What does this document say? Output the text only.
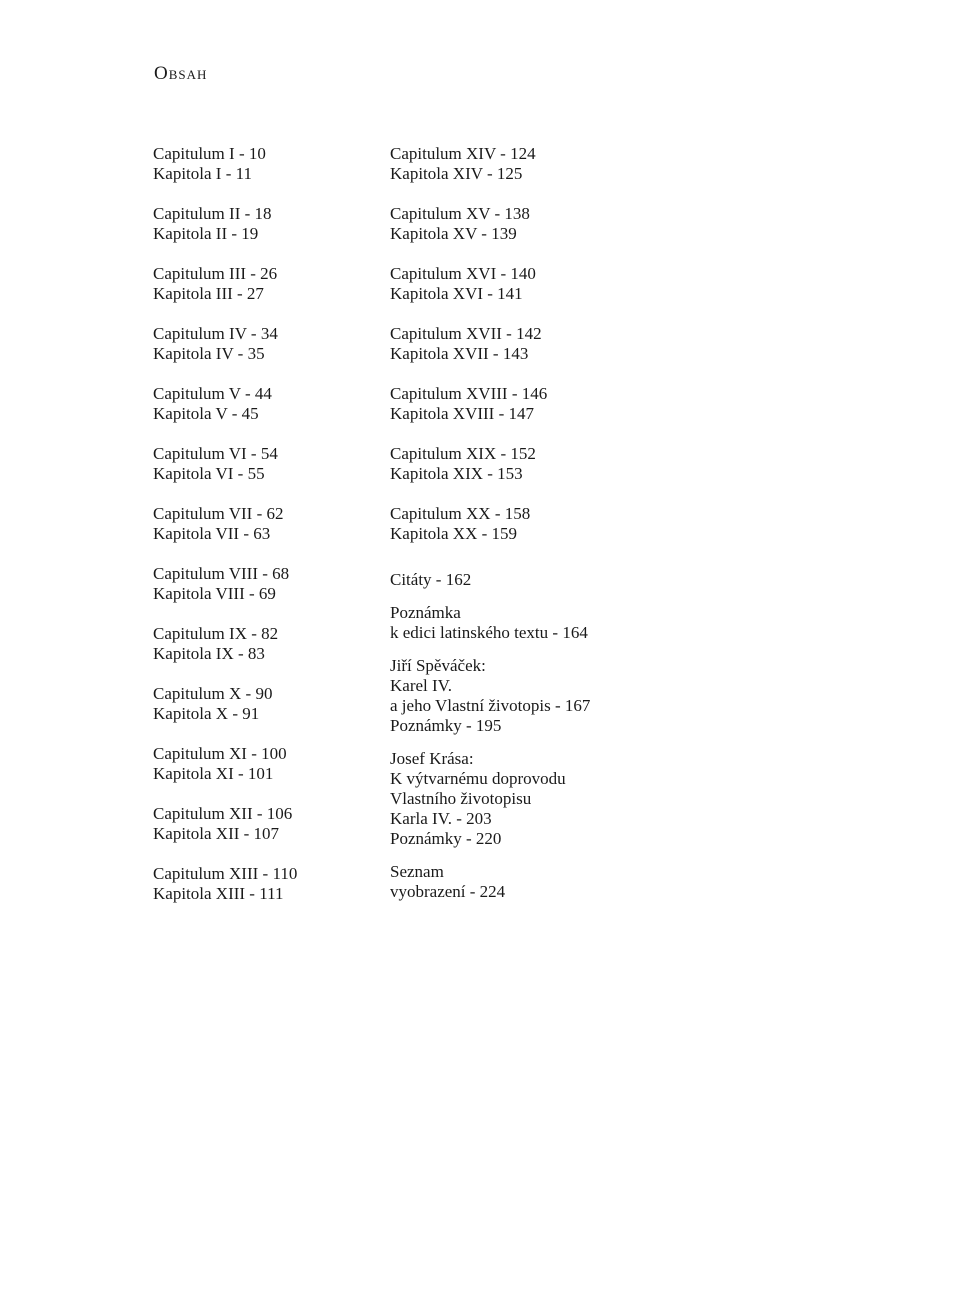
Obsah
Capitulum I - 10
Kapitola I - 11
Capitulum II - 18
Kapitola II - 19
Capitulum III - 26
Kapitola III - 27
Capitulum IV - 34
Kapitola IV - 35
Capitulum V - 44
Kapitola V - 45
Capitulum VI - 54
Kapitola VI - 55
Capitulum VII - 62
Kapitola VII - 63
Capitulum VIII - 68
Kapitola VIII - 69
Capitulum IX - 82
Kapitola IX - 83
Capitulum X - 90
Kapitola X - 91
Capitulum XI - 100
Kapitola XI - 101
Capitulum XII - 106
Kapitola XII - 107
Capitulum XIII - 110
Kapitola XIII - 111
Capitulum XIV - 124
Kapitola XIV - 125
Capitulum XV - 138
Kapitola XV - 139
Capitulum XVI - 140
Kapitola XVI - 141
Capitulum XVII - 142
Kapitola XVII - 143
Capitulum XVIII - 146
Kapitola XVIII - 147
Capitulum XIX - 152
Kapitola XIX - 153
Capitulum XX - 158
Kapitola XX - 159
Citáty - 162
Poznámka
k edici latinského textu - 164
Jiří Spěváček:
Karel IV.
a jeho Vlastní životopis - 167
Poznámky - 195
Josef Krása:
K výtvarnému doprovodu
Vlastního životopisu
Karla IV. - 203
Poznámky - 220
Seznam
vyobrazení - 224
